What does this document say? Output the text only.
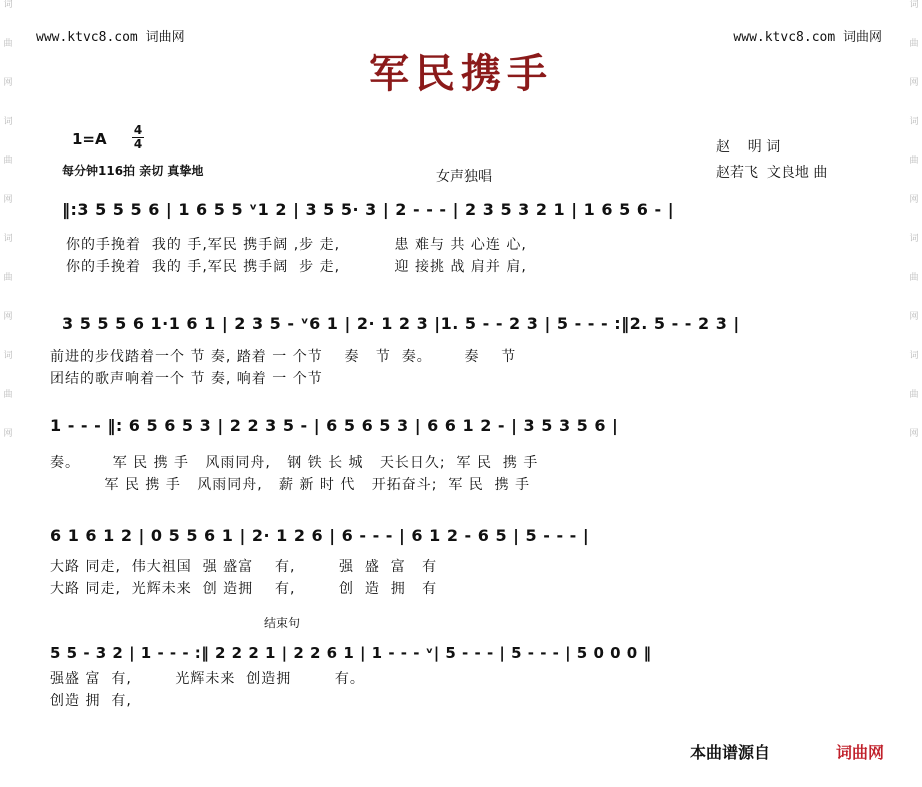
词
曲
网
词
曲
网
词
曲
网
词
曲
网
词
曲
网
词
曲
网
词
曲
网
词
曲
网
www.ktvc8.com 词曲网	www.ktvc8.com 词曲网
军民携手
1=A 4
4
每分钟116拍 亲切 真挚地	女声独唱
赵    明 词
赵若飞  文良地 曲
‖:3 5 5 5 6 | 1 6 5 5 ᵛ1 2 | 3 5 5· 3 | 2 - - - | 2 3 5 3 2 1 | 1 6 5 6 - |
你的手挽着  我的 手,军民 携手阔 ,步 走,          患 难与 共 心连 心,
你的手挽着  我的 手,军民 携手阔  步 走,          迎 接挑 战 肩并 肩,
3 5 5 5 6 1·1 6 1 | 2 3 5 - ᵛ6 1 | 2· 1 2 3 |1. 5 - - 2 3 | 5 - - - :‖2. 5 - - 2 3 |
前进的步伐踏着一个 节 奏, 踏着 一 个节    奏   节  奏。      奏    节
团结的歌声响着一个 节 奏, 响着 一 个节
1 - - - ‖: 6 5 6 5 3 | 2 2 3 5 - | 6 5 6 5 3 | 6 6 1 2 - | 3 5 3 5 6 |
奏。      军 民 携 手   风雨同舟,   钢 铁 长 城   天长日久;  军 民  携 手
军 民 携 手   风雨同舟,   薪 新 时 代   开拓奋斗;  军 民  携 手
6 1 6 1 2 | 0 5 5 6 1 | 2· 1 2 6 | 6 - - - | 6 1 2 - 6 5 | 5 - - - |
大路 同走,  伟大祖国  强 盛富    有,        强  盛  富   有
大路 同走,  光辉未来  创 造拥    有,        创  造  拥   有
结束句
5 5 - 3 2 | 1 - - - :‖ 2 2 2 1 | 2 2 6 1 | 1 - - - ᵛ| 5 - - - | 5 - - - | 5 0 0 0 ‖
强盛 富  有,        光辉未来  创造拥        有。
创造 拥  有,
本曲谱源自	词曲网
